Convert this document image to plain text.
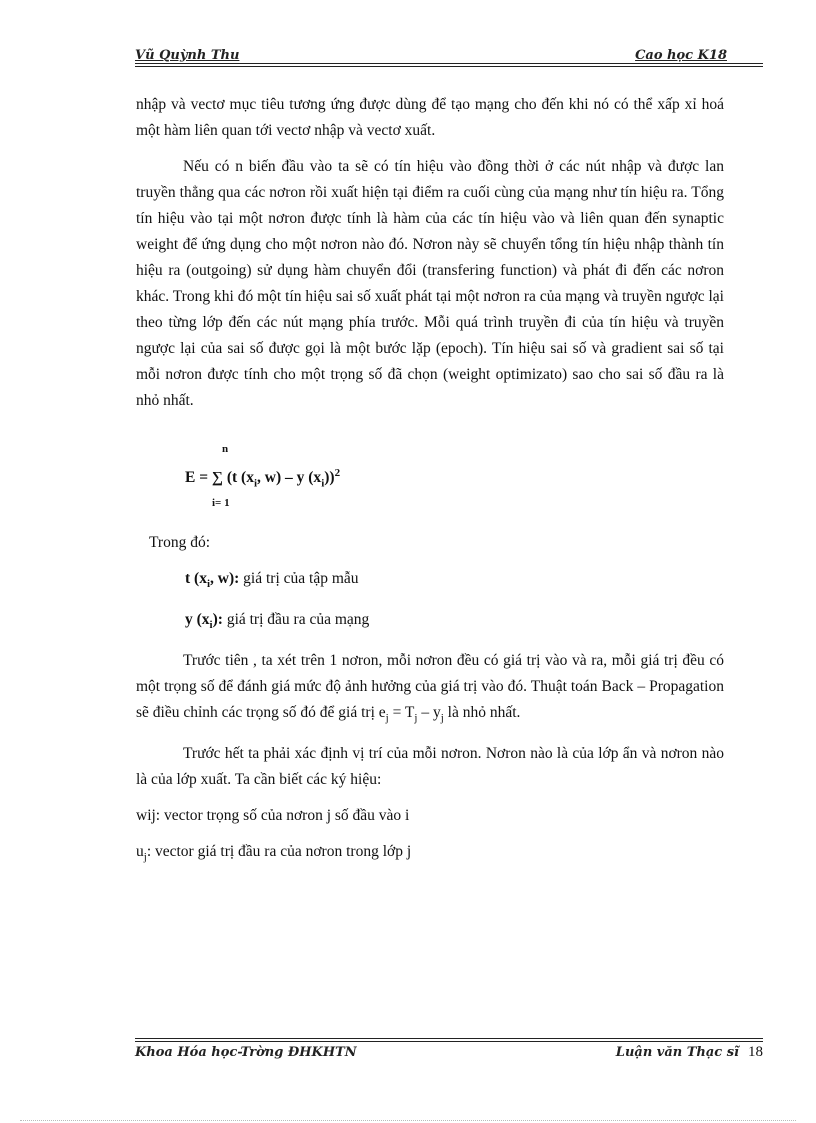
Vũ Quỳnh Thu	Cao học K18

nhập và vectơ mục tiêu tương ứng được dùng để tạo mạng cho đến khi nó có thể xấp xỉ hoá một hàm liên quan tới vectơ nhập và vectơ xuất.

Nếu có n biến đầu vào ta sẽ có tín hiệu vào đồng thời ở các nút nhập và được lan truyền thẳng qua các nơron rồi xuất hiện tại điểm ra cuối cùng của mạng như tín hiệu ra. Tổng tín hiệu vào tại một nơron được tính là hàm của các tín hiệu vào và liên quan đến synaptic weight để ứng dụng cho một nơron nào đó. Nơron này sẽ chuyển tổng tín hiệu nhập thành tín hiệu ra (outgoing) sử dụng hàm chuyển đổi (transfering function) và phát đi đến các nơron khác. Trong khi đó một tín hiệu sai số xuất phát tại một nơron ra của mạng và truyền ngược lại theo từng lớp đến các nút mạng phía trước. Mỗi quá trình truyền đi của tín hiệu và truyền ngược lại của sai số được gọi là một bước lặp (epoch). Tín hiệu sai số và gradient sai số tại mỗi nơron được tính cho một trọng số đã chọn (weight optimizato) sao cho sai số đầu ra là nhỏ nhất.

n
E = ∑ (t ($x_i$, w) – y $(x_i))^2$
i= 1

Trong đó:

t ($x_i$, w): giá trị của tập mẫu

y $(x_i)$: giá trị đầu ra của mạng

Trước tiên , ta xét trên 1 nơron, mỗi nơron đều có giá trị vào và ra, mỗi giá trị đều có một trọng số để đánh giá mức độ ảnh hưởng của giá trị vào đó. Thuật toán Back – Propagation sẽ điều chỉnh các trọng số đó để giá trị $e_j = T_j - y_j$ là nhỏ nhất.

Trước hết ta phải xác định vị trí của mỗi nơron. Nơron nào là của lớp ẩn và nơron nào là của lớp xuất. Ta cần biết các ký hiệu:

wij: vector trọng số của nơron j số đầu vào i

$u_j$: vector giá trị đầu ra của nơron trong lớp j

Khoa Hóa học-Trờng ĐHKHTN	Luận văn Thạc sĩ 18
